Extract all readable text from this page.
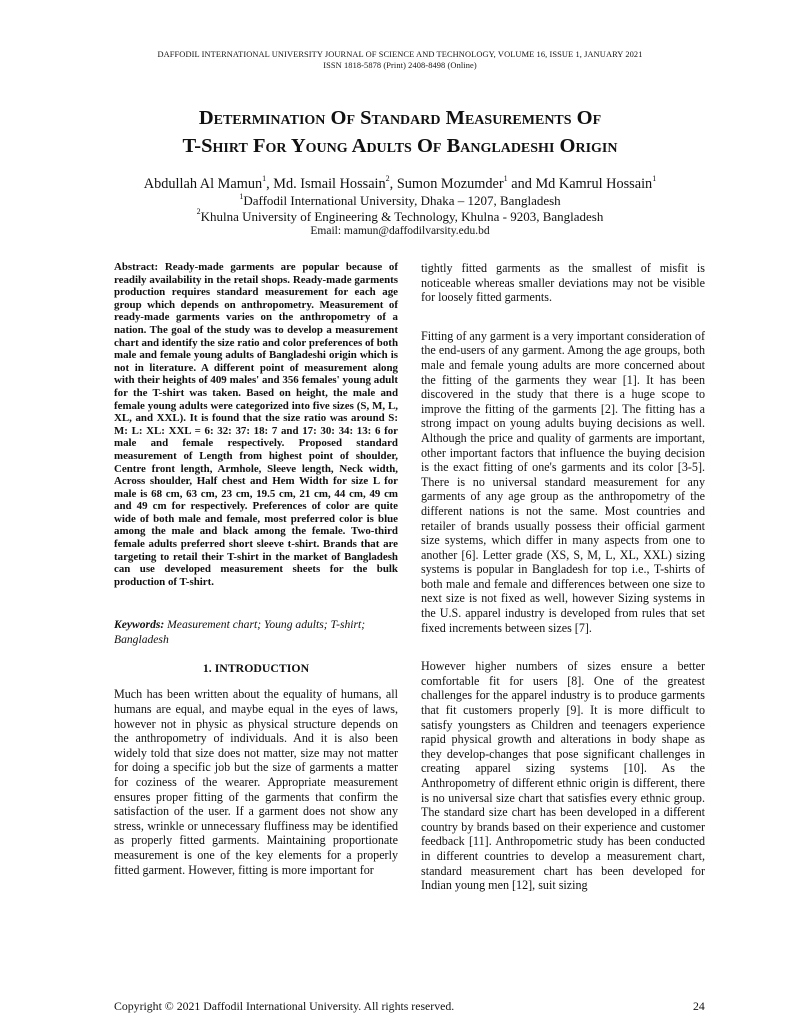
DAFFODIL INTERNATIONAL UNIVERSITY JOURNAL OF SCIENCE AND TECHNOLOGY, VOLUME 16, ISSUE 1, JANUARY 2021
ISSN 1818-5878 (Print) 2408-8498 (Online)
Determination Of Standard Measurements Of
T-Shirt For Young Adults Of Bangladeshi Origin
Abdullah Al Mamun$^1$, Md. Ismail Hossain$^2$, Sumon Mozumder$^1$ and Md Kamrul Hossain$^1$
$^1$Daffodil International University, Dhaka – 1207, Bangladesh
$^2$Khulna University of Engineering & Technology, Khulna - 9203, Bangladesh
Email: mamun@daffodilvarsity.edu.bd

Abstract: Ready-made garments are popular because of readily availability in the retail shops. Ready-made garments production requires standard measurement for each age group which depends on anthropometry. Measurement of ready-made garments varies on the anthropometry of a nation. The goal of the study was to develop a measurement chart and identify the size ratio and color preferences of both male and female young adults of Bangladeshi origin which is not in literature. A different point of measurement along with their heights of 409 males' and 356 females' young adult for the T-shirt was taken. Based on height, the male and female young adults were categorized into five sizes (S, M, L, XL, and XXL). It is found that the size ratio was around S: M: L: XL: XXL = 6: 32: 37: 18: 7 and 17: 30: 34: 13: 6 for male and female respectively. Proposed standard measurement of Length from highest point of shoulder, Centre front length, Armhole, Sleeve length, Neck width, Across shoulder, Half chest and Hem Width for size L for male is 68 cm, 63 cm, 23 cm, 19.5 cm, 21 cm, 44 cm, 49 cm and 49 cm for respectively. Preferences of color are quite wide of both male and female, most preferred color is blue among the male and black among the female. Two-third female adults preferred short sleeve t-shirt. Brands that are targeting to retail their T-shirt in the market of Bangladesh can use developed measurement sheets for the bulk production of T-shirt.

Keywords: Measurement chart; Young adults; T-shirt; Bangladesh

1. INTRODUCTION

Much has been written about the equality of humans, all humans are equal, and maybe equal in the eyes of laws, however not in physic as physical structure depends on the anthropometry of individuals. And it is also been widely told that size does not matter, size may not matter for doing a specific job but the size of garments a matter for coziness of the wearer. Appropriate measurement ensures proper fitting of the garments that confirm the satisfaction of the user. If a garment does not show any stress, wrinkle or unnecessary fluffiness may be identified as properly fitted garments. Maintaining proportionate measurement is one of the key elements for a properly fitted garment. However, fitting is more important for

tightly fitted garments as the smallest of misfit is noticeable whereas smaller deviations may not be visible for loosely fitted garments.

Fitting of any garment is a very important consideration of the end-users of any garment. Among the age groups, both male and female young adults are more concerned about the fitting of the garments they wear [1]. It has been discovered in the study that there is a huge scope to improve the fitting of the garments [2]. The fitting has a strong impact on young adults buying decisions as well. Although the price and quality of garments are important, other important factors that influence the buying decision is the exact fitting of one's garments and its color [3-5]. There is no universal standard measurement for any garments of any age group as the anthropometry of the different nations is not the same. Most countries and retailer of brands usually possess their official garment size systems, which differ in many aspects from one to another [6]. Letter grade (XS, S, M, L, XL, XXL) sizing systems is popular in Bangladesh for top i.e., T-shirts of both male and female and differences between one size to next size is not fixed as well, however Sizing systems in the U.S. apparel industry is developed from rules that set fixed increments between sizes [7].

However higher numbers of sizes ensure a better comfortable fit for users [8]. One of the greatest challenges for the apparel industry is to produce garments that fit customers properly [9]. It is more difficult to satisfy youngsters as Children and teenagers experience rapid physical growth and alterations in body shape as they develop-changes that pose significant challenges in creating apparel sizing systems [10]. As the Anthropometry of different ethnic origin is different, there is no universal size chart that satisfies every ethnic group. The standard size chart has been developed in a different country by brands based on their experience and customer feedback [11]. Anthropometric study has been conducted in different countries to develop a measurement chart, standard measurement chart has been developed for Indian young men [12], suit sizing

Copyright © 2021 Daffodil International University. All rights reserved.	24
